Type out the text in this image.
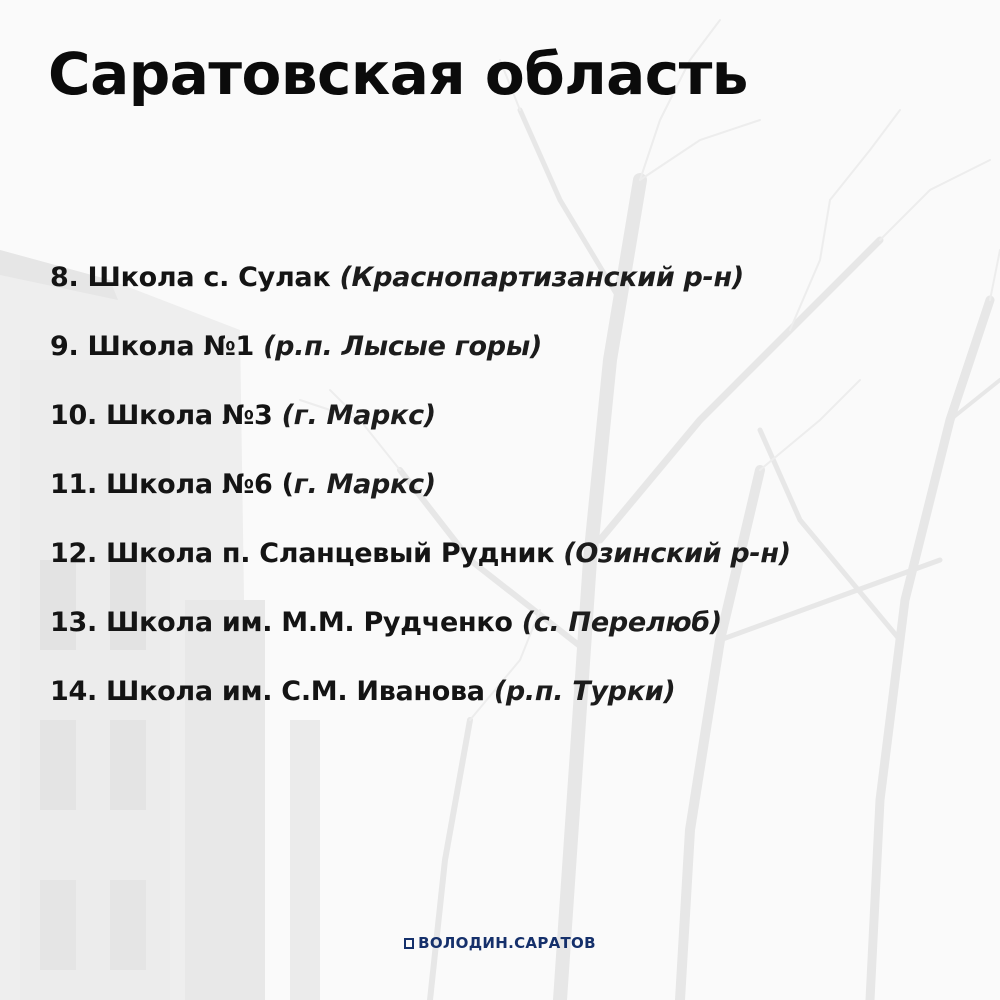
Саратовская область
8. Школа с. Сулак (Краснопартизанский р-н)
9. Школа №1 (р.п. Лысые горы)
10. Школа №3 (г. Маркс)
11. Школа №6 (г. Маркс)
12. Школа п. Сланцевый Рудник (Озинский р-н)
13. Школа им. М.М. Рудченко (с. Перелюб)
14. Школа им. С.М. Иванова (р.п. Турки)
ВОЛОДИН.САРАТОВ
